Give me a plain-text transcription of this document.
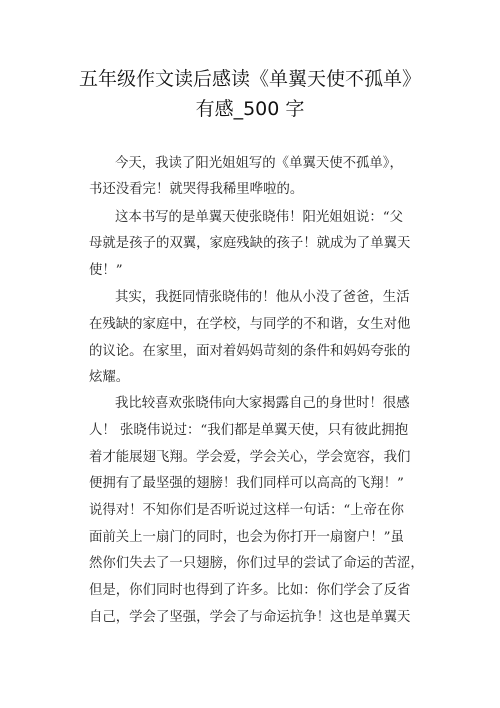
五年级作文读后感读《单翼天使不孤单》
有感_500 字
今天，我读了阳光姐姐写的《单翼天使不孤单》，
书还没看完！就哭得我稀里哗啦的。
这本书写的是单翼天使张晓伟！阳光姐姐说：“父
母就是孩子的双翼，家庭残缺的孩子！就成为了单翼天
使！”
其实，我挺同情张晓伟的！他从小没了爸爸，生活
在残缺的家庭中，在学校，与同学的不和谐，女生对他
的议论。在家里，面对着妈妈苛刻的条件和妈妈夸张的
炫耀。
我比较喜欢张晓伟向大家揭露自己的身世时！很感
人！ 张晓伟说过：“我们都是单翼天使，只有彼此拥抱
着才能展翅飞翔。学会爱，学会关心，学会宽容，我们
便拥有了最坚强的翅膀！我们同样可以高高的飞翔！”
说得对！不知你们是否听说过这样一句话：“上帝在你
面前关上一扇门的同时，也会为你打开一扇窗户！”虽
然你们失去了一只翅膀，你们过早的尝试了命运的苦涩，
但是，你们同时也得到了许多。比如：你们学会了反省
自己，学会了坚强，学会了与命运抗争！这也是单翼天
